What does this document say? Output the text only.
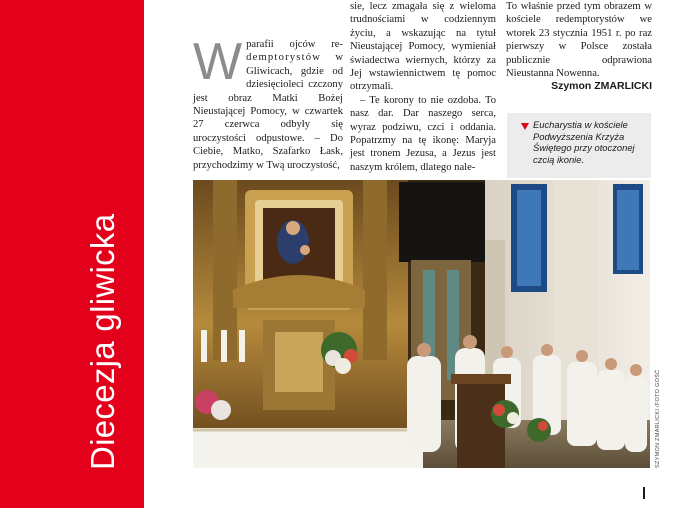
Diecezja gliwicka
W parafii ojców re- demptorystów w Gliwicach, gdzie od dziesięcioleci czczony jest obraz Matki Bożej Nieustającej Pomocy, w czwartek 27 czerwca odbyły się uroczystości odpustowe. – Do Ciebie, Matko, Szafarko Łask, przychodzimy w Twą uroczystość,

sie, lecz zmagała się z wieloma trudnościami w codziennym życiu, a wskazując na tytuł Nieustającej Pomocy, wymieniał świadectwa wiernych, którzy za Jej wstawiennictwem tę pomoc otrzymali.

– Te korony to nie ozdoba. To nasz dar. Dar naszego serca, wyraz podziwu, czci i oddania. Popatrzmy na tę ikonę: Maryja jest tronem Jezusa, a Jezus jest naszym królem, dlatego nale-

To właśnie przed tym obrazem w kościele redemptorystów we wtorek 23 stycznia 1951 r. po raz pierwszy w Polsce została publicznie odprawiona Nieustanna Nowenna.

Szymon ZMARLICKI

Eucharystia w kościele Podwyższenia Krzyża Świętego przy otoczonej czcią ikonie.
SZYMON ZMARLICKI /FOTO GOŚĆ
